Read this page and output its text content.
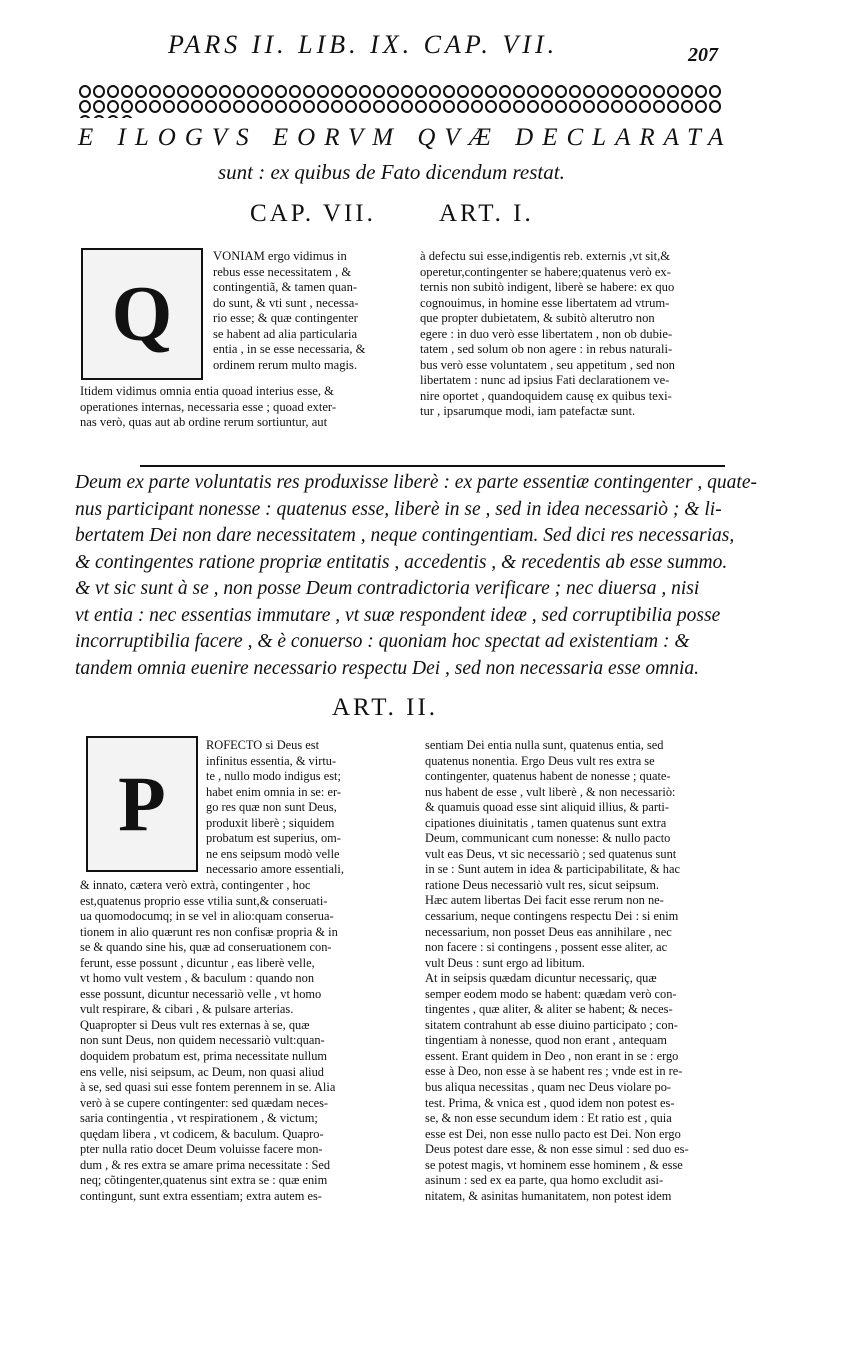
PARS II. LIB. IX. CAP. VII.	207
E ILOGVS EORVM QVÆ DECLARATA
sunt : ex quibus de Fato dicendum restat.
CAP. VII.	ART. I.
Q
VONIAM ergo vidimus in
rebus esse necessitatem , &
contingentiã, & tamen quan-
do sunt, & vti sunt , necessa-
rio esse; & quæ contingenter
se habent ad alia particularia
entia , in se esse necessaria, &
ordinem rerum multo magis.
Itidem vidimus omnia entia quoad interius esse, &
operationes internas, necessaria esse ; quoad exter-
nas verò, quas aut ab ordine rerum sortiuntur, aut
à defectu sui esse,indigentis reb. externis ,vt sit,&
operetur,contingenter se habere;quatenus verò ex-
ternis non subitò indigent, liberè se habere: ex quo
cognouimus, in homine esse libertatem ad vtrum-
que propter dubietatem, & subitò alterutro non
egere : in duo verò esse libertatem , non ob dubie-
tatem , sed solum ob non agere : in rebus naturali-
bus verò esse voluntatem , seu appetitum , sed non
libertatem : nunc ad ipsius Fati declarationem ve-
nire oportet , quandoquidem causę ex quibus texi-
tur , ipsarumque modi, iam patefactæ sunt.
Deum ex parte voluntatis res produxisse liberè : ex parte essentiæ contingenter , quate-
nus participant nonesse : quatenus esse, liberè in se , sed in idea necessariò ; & li-
bertatem Dei non dare necessitatem , neque contingentiam. Sed dici res necessarias,
& contingentes ratione propriæ entitatis , accedentis , & recedentis ab esse summo.
& vt sic sunt à se , non posse Deum contradictoria verificare ; nec diuersa , nisi
vt entia : nec essentias immutare , vt suæ respondent ideæ , sed corruptibilia posse
incorruptibilia facere , & è conuerso : quoniam hoc spectat ad existentiam : &
tandem omnia euenire necessario respectu Dei , sed non necessaria esse omnia.
ART. II.
P
ROFECTO si Deus est
infinitus essentia, & virtu-
te , nullo modo indigus est;
habet enim omnia in se: er-
go res quæ non sunt Deus,
produxit liberè ; siquidem
probatum est superius, om-
ne ens seipsum modò velle
necessario amore essentiali,
& innato, cætera verò extrà, contingenter , hoc
est,quatenus proprio esse vtilia sunt,& conseruati-
ua quomodocumq; in se vel in alio:quam conserua-
tionem in alio quærunt res non confisæ propria & in
se & quando sine his, quæ ad conseruationem con-
ferunt, esse possunt , dicuntur , eas liberè velle,
vt homo vult vestem , & baculum : quando non
esse possunt, dicuntur necessariò velle , vt homo
vult respirare, & cibari , & pulsare arterias.
Quapropter si Deus vult res externas à se, quæ
non sunt Deus, non quidem necessariò vult:quan-
doquidem probatum est, prima necessitate nullum
ens velle, nisi seipsum, ac Deum, non quasi aliud
à se, sed quasi sui esse fontem perennem in se. Alia
verò à se cupere contingenter: sed quædam neces-
saria contingentia , vt respirationem , & victum;
quędam libera , vt codicem, & baculum. Quapro-
pter nulla ratio docet Deum voluisse facere mon-
dum , & res extra se amare prima necessitate : Sed
neq; cõtingenter,quatenus sint extra se : quæ enim
contingunt, sunt extra essentiam; extra autem es-
sentiam Dei entia nulla sunt, quatenus entia, sed
quatenus nonentia. Ergo Deus vult res extra se
contingenter, quatenus habent de nonesse ; quate-
nus habent de esse , vult liberè , & non necessariò:
& quamuis quoad esse sint aliquid illius, & parti-
cipationes diuinitatis , tamen quatenus sunt extra
Deum, communicant cum nonesse: & nullo pacto
vult eas Deus, vt sic necessariò ; sed quatenus sunt
in se : Sunt autem in idea & participabilitate, & hac
ratione Deus necessariò vult res, sicut seipsum.
Hæc autem libertas Dei facit esse rerum non ne-
cessarium, neque contingens respectu Dei : si enim
necessarium, non posset Deus eas annihilare , nec
non facere : si contingens , possent esse aliter, ac
vult Deus : sunt ergo ad libitum.
At in seipsis quædam dicuntur necessariç, quæ
semper eodem modo se habent: quædam verò con-
tingentes , quæ aliter, & aliter se habent; & neces-
sitatem contrahunt ab esse diuino participato ; con-
tingentiam à nonesse, quod non erant , antequam
essent. Erant quidem in Deo , non erant in se : ergo
esse à Deo, non esse à se habent res ; vnde est in re-
bus aliqua necessitas , quam nec Deus violare po-
test. Prima, & vnica est , quod idem non potest es-
se, & non esse secundum idem : Et ratio est , quia
esse est Dei, non esse nullo pacto est Dei. Non ergo
Deus potest dare esse, & non esse simul : sed duo es-
se potest magis, vt hominem esse hominem , & esse
asinum : sed ex ea parte, qua homo excludit asi-
nitatem, & asinitas humanitatem, non potest idem
